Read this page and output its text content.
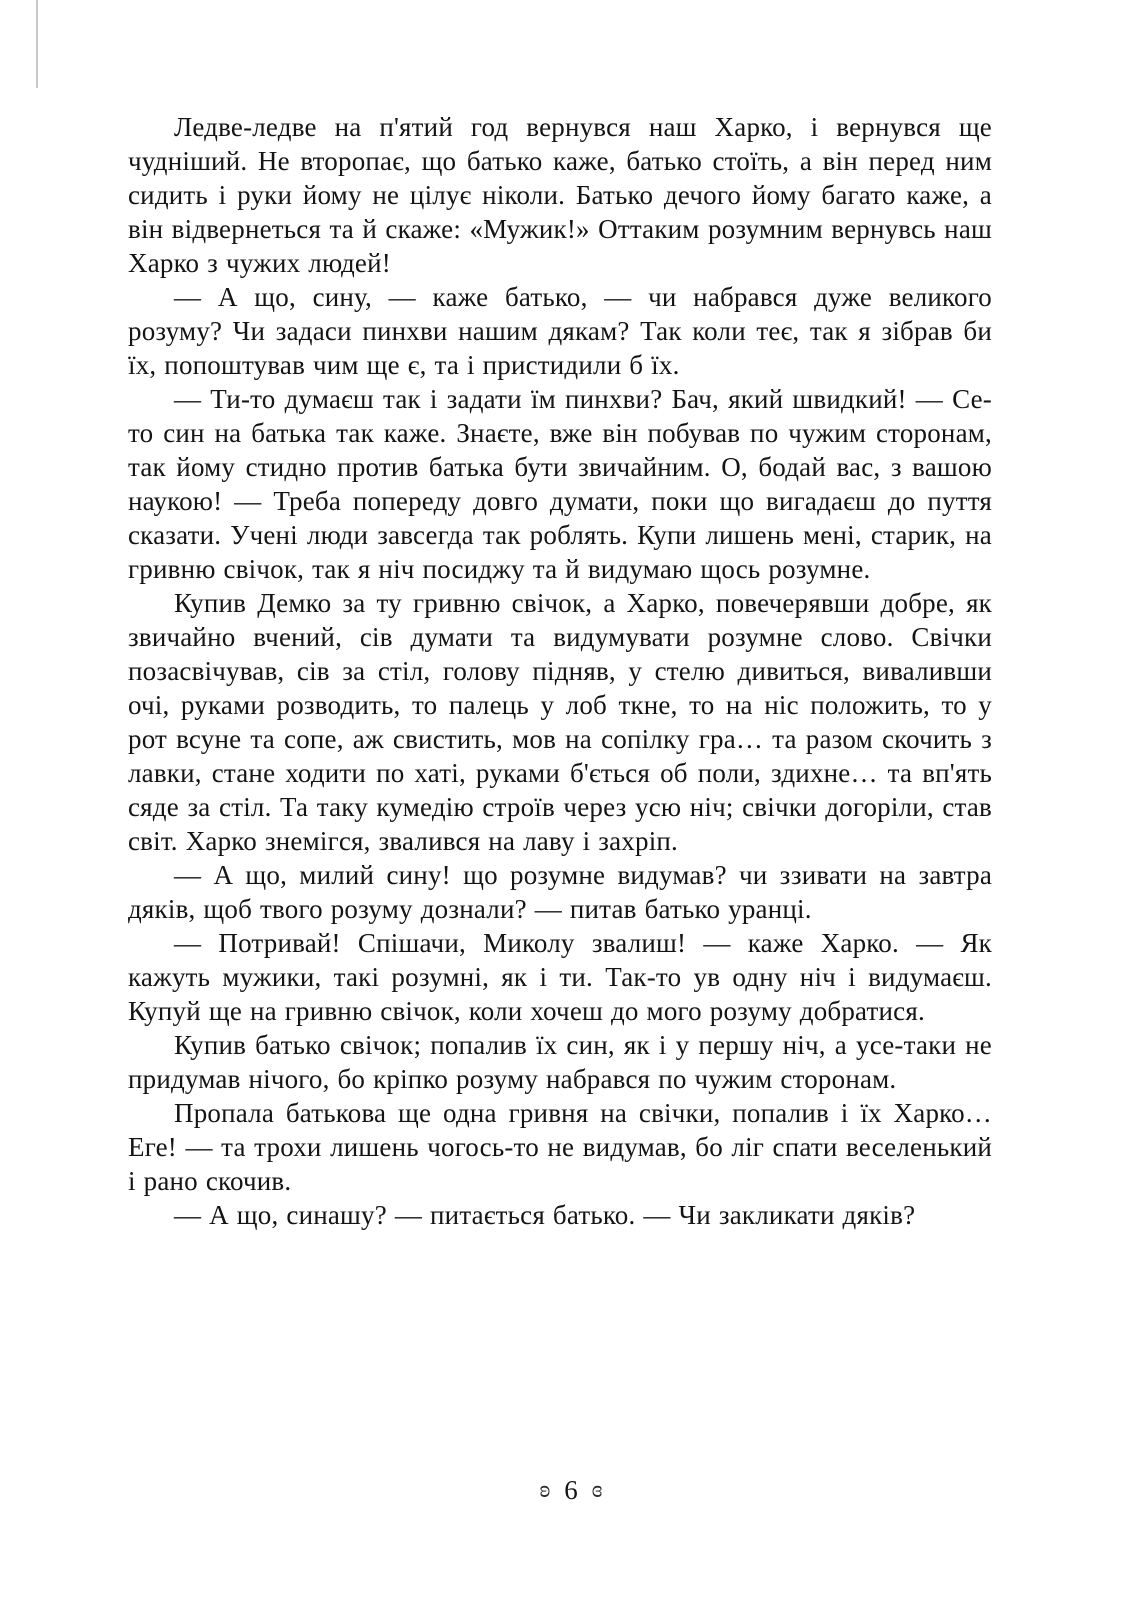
Ледве-ледве на п'ятий год вернувся наш Харко, і вернувся ще чудніший. Не второпає, що батько каже, батько стоїть, а він перед ним сидить і руки йому не цілує ніколи. Батько дечого йому багато каже, а він відвернеться та й скаже: «Мужик!» Оттаким розумним вернувсь наш Харко з чужих людей!

— А що, сину, — каже батько, — чи набрався дуже великого розуму? Чи задаси пинхви нашим дякам? Так коли теє, так я зібрав би їх, попоштував чим ще є, та і пристидили б їх.

— Ти-то думаєш так і задати їм пинхви? Бач, який швидкий! — Се-то син на батька так каже. Знаєте, вже він побував по чужим сторонам, так йому стидно против батька бути звичайним. О, бодай вас, з вашою наукою! — Треба попереду довго думати, поки що вигадаєш до пуття сказати. Учені люди завсегда так роблять. Купи лишень мені, старик, на гривню свічок, так я ніч посиджу та й видумаю щось розумне.

Купив Демко за ту гривню свічок, а Харко, повечерявши добре, як звичайно вчений, сів думати та видумувати розумне слово. Свічки позасвічував, сів за стіл, голову підняв, у стелю дивиться, виваливши очі, руками розводить, то палець у лоб ткне, то на ніс положить, то у рот всуне та сопе, аж свистить, мов на сопілку гра… та разом скочить з лавки, стане ходити по хаті, руками б'ється об поли, здихне… та вп'ять сяде за стіл. Та таку кумедію строїв через усю ніч; свічки догоріли, став світ. Харко знемігся, звалився на лаву і захріп.

— А що, милий сину! що розумне видумав? чи ззивати на завтра дяків, щоб твого розуму дознали? — питав батько уранці.

— Потривай! Спішачи, Миколу звалиш! — каже Харко. — Як кажуть мужики, такі розумні, як і ти. Так-то ув одну ніч і видумаєш. Купуй ще на гривню свічок, коли хочеш до мого розуму добратися.

Купив батько свічок; попалив їх син, як і у першу ніч, а усе-таки не придумав нічого, бо кріпко розуму набрався по чужим сторонам.

Пропала батькова ще одна гривня на свічки, попалив і їх Харко… Еге! — та трохи лишень чогось-то не видумав, бо ліг спати веселенький і рано скочив.

— А що, синашу? — питається батько. — Чи закликати дяків?

ʚ 6 ɞ
